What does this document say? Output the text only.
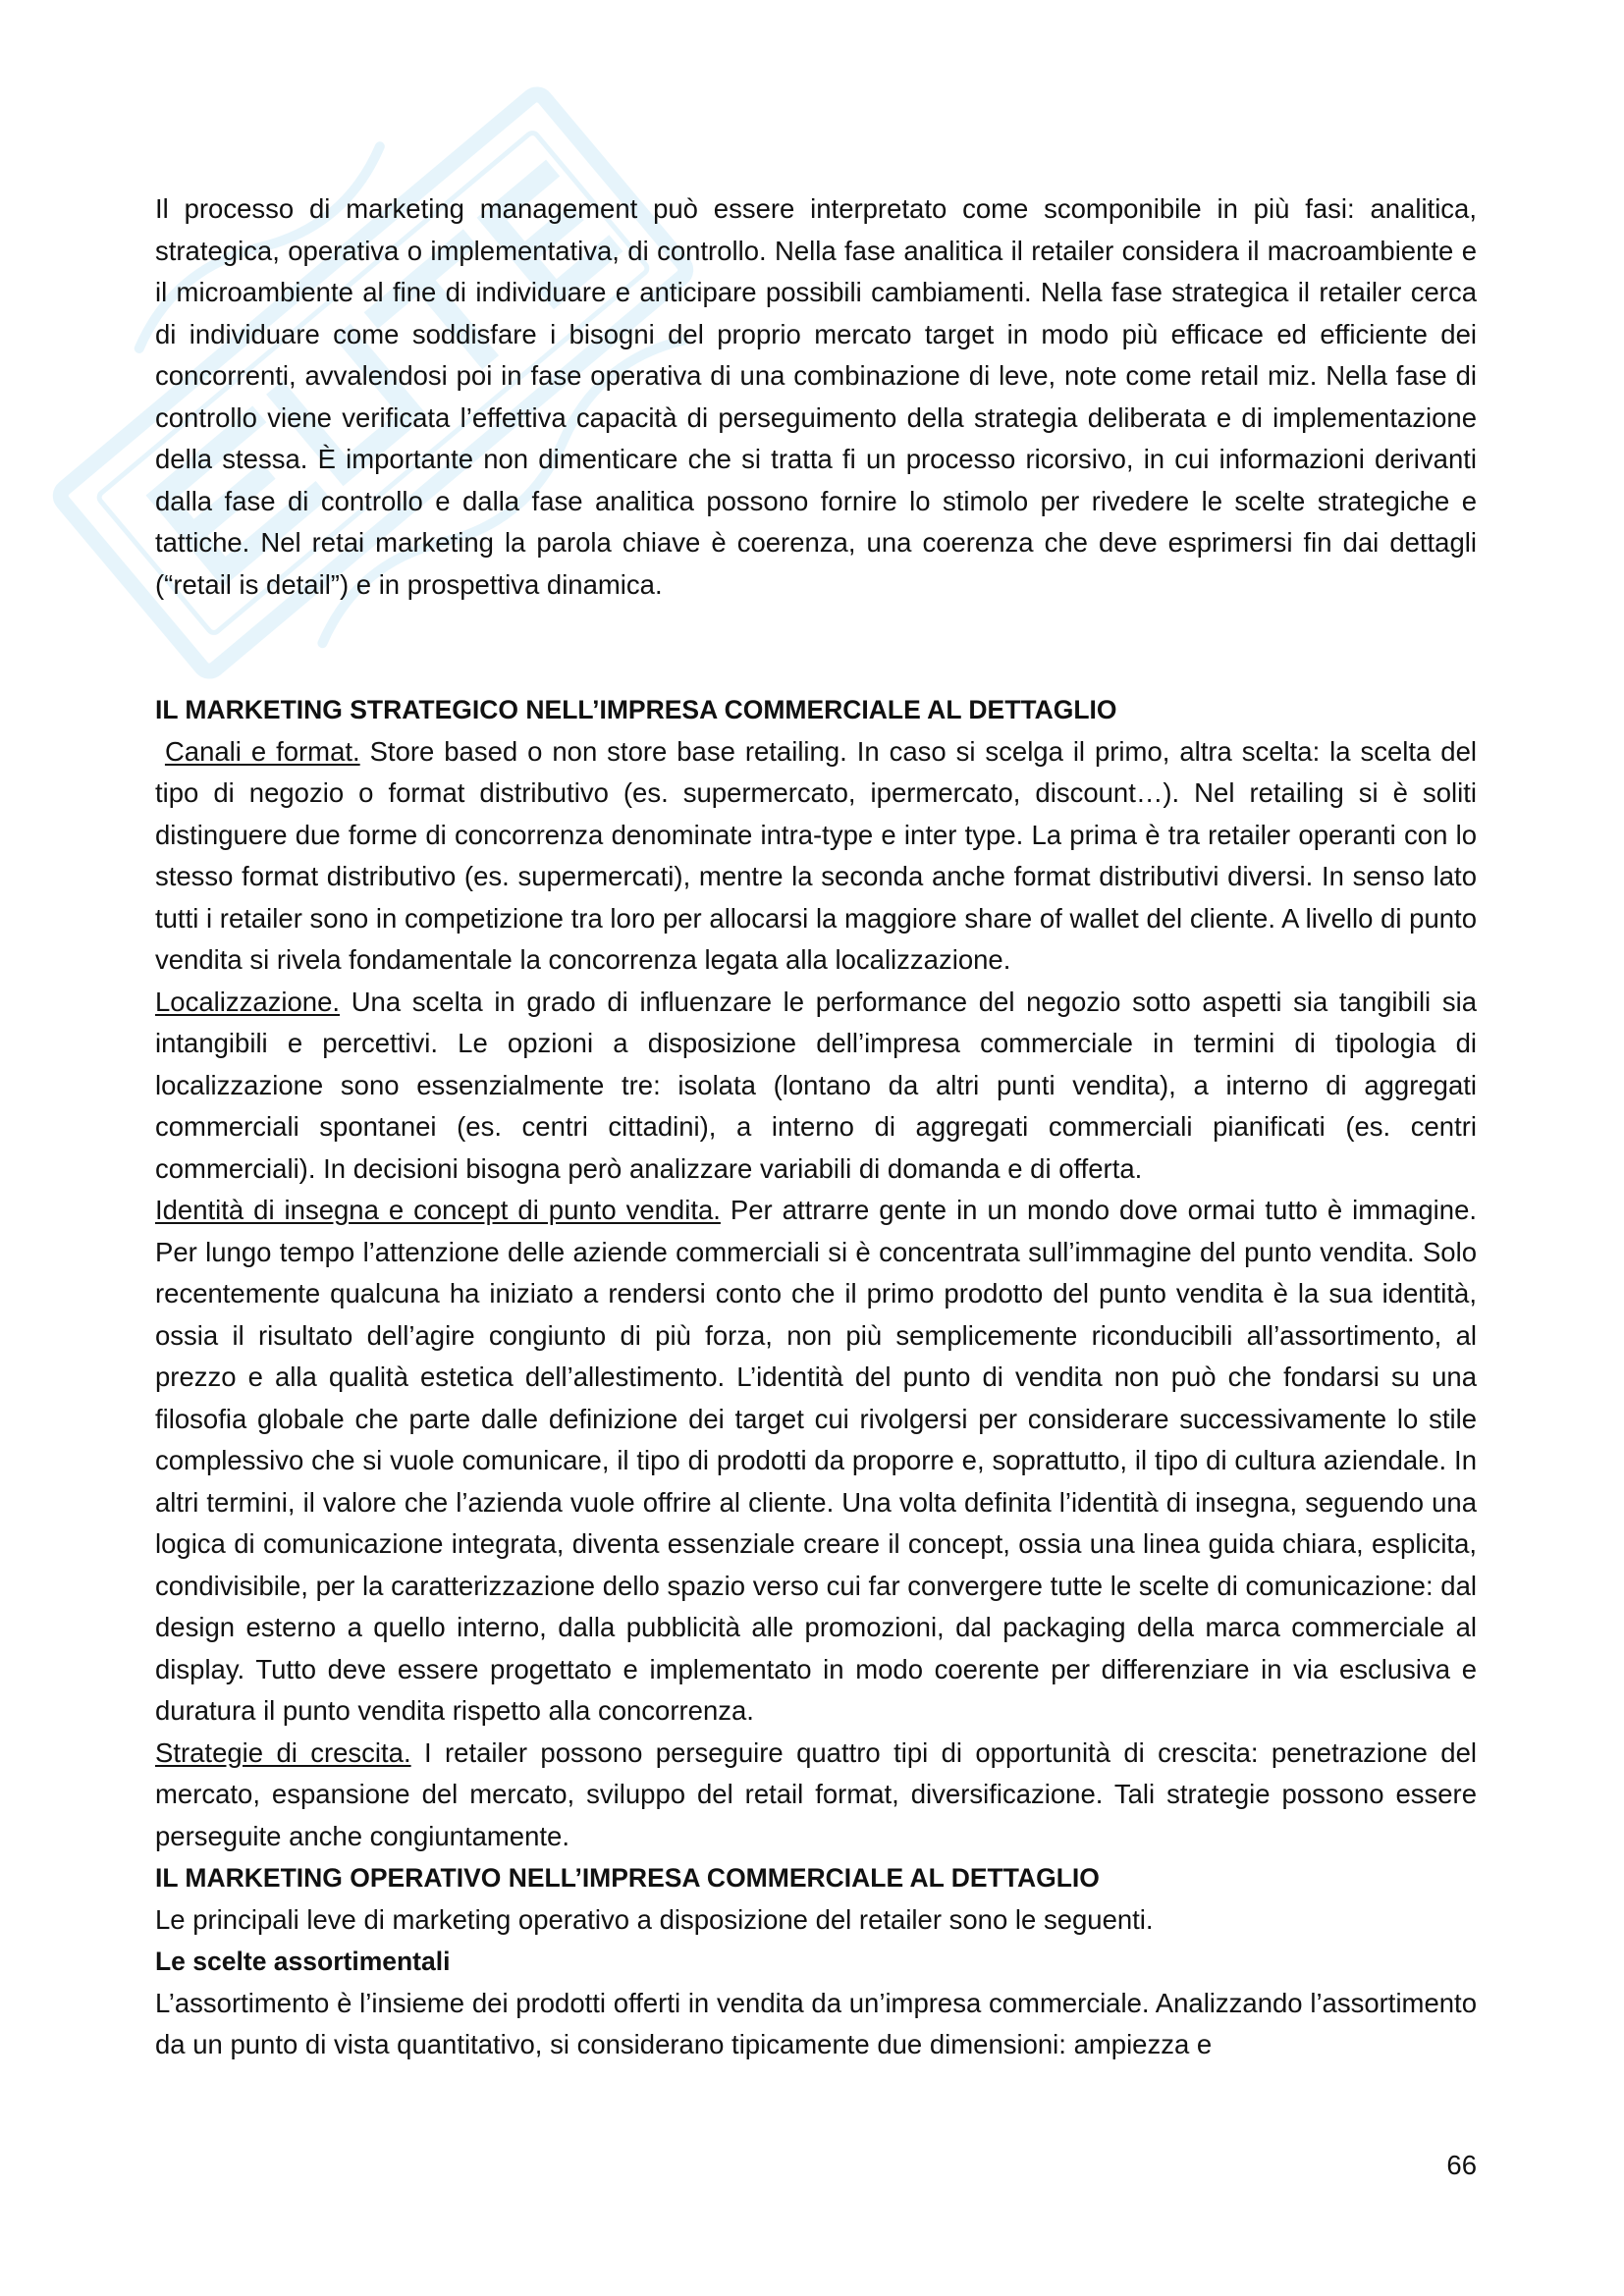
Il processo di marketing management può essere interpretato come scomponibile in più fasi: analitica, strategica, operativa o implementativa, di controllo. Nella fase analitica il retailer considera il macroambiente e il microambiente al fine di individuare e anticipare possibili cambiamenti. Nella fase strategica il retailer cerca di individuare come soddisfare i bisogni del proprio mercato target in modo più efficace ed efficiente dei concorrenti, avvalendosi poi in fase operativa di una combinazione di leve, note come retail miz. Nella fase di controllo viene verificata l’effettiva capacità di perseguimento della strategia deliberata e di implementazione della stessa. È importante non dimenticare che si tratta fi un processo ricorsivo, in cui informazioni derivanti dalla fase di controllo e dalla fase analitica possono fornire lo stimolo per rivedere le scelte strategiche e tattiche. Nel retai marketing la parola chiave è coerenza, una coerenza che deve esprimersi fin dai dettagli (“retail is detail”) e in prospettiva dinamica.

IL MARKETING STRATEGICO NELL’IMPRESA COMMERCIALE AL DETTAGLIO

Canali e format. Store based o non store base retailing. In caso si scelga il primo, altra scelta: la scelta del tipo di negozio o format distributivo (es. supermercato, ipermercato, discount…). Nel retailing si è soliti distinguere due forme di concorrenza denominate intra-type e inter type. La prima è tra retailer operanti con lo stesso format distributivo (es. supermercati), mentre la seconda anche format distributivi diversi. In senso lato tutti i retailer sono in competizione tra loro per allocarsi la maggiore share of wallet del cliente. A livello di punto vendita si rivela fondamentale la concorrenza legata alla localizzazione.

Localizzazione. Una scelta in grado di influenzare le performance del negozio sotto aspetti sia tangibili sia intangibili e percettivi. Le opzioni a disposizione dell’impresa commerciale in termini di tipologia di localizzazione sono essenzialmente tre: isolata (lontano da altri punti vendita), a interno di aggregati commerciali spontanei (es. centri cittadini), a interno di aggregati commerciali pianificati (es. centri commerciali). In decisioni bisogna però analizzare variabili di domanda e di offerta.

Identità di insegna e concept di punto vendita. Per attrarre gente in un mondo dove ormai tutto è immagine. Per lungo tempo l’attenzione delle aziende commerciali si è concentrata sull’immagine del punto vendita. Solo recentemente qualcuna ha iniziato a rendersi conto che il primo prodotto del punto vendita è la sua identità, ossia il risultato dell’agire congiunto di più forza, non più semplicemente riconducibili all’assortimento, al prezzo e alla qualità estetica dell’allestimento. L’identità del punto di vendita non può che fondarsi su una filosofia globale che parte dalle definizione dei target cui rivolgersi per considerare successivamente lo stile complessivo che si vuole comunicare, il tipo di prodotti da proporre e, soprattutto, il tipo di cultura aziendale. In altri termini, il valore che l’azienda vuole offrire al cliente. Una volta definita l’identità di insegna, seguendo una logica di comunicazione integrata, diventa essenziale creare il concept, ossia una linea guida chiara, esplicita, condivisibile, per la caratterizzazione dello spazio verso cui far convergere tutte le scelte di comunicazione: dal design esterno a quello interno, dalla pubblicità alle promozioni, dal packaging della marca commerciale al display. Tutto deve essere progettato e implementato in modo coerente per differenziare in via esclusiva e duratura il punto vendita rispetto alla concorrenza.

Strategie di crescita. I retailer possono perseguire quattro tipi di opportunità di crescita: penetrazione del mercato, espansione del mercato, sviluppo del retail format, diversificazione. Tali strategie possono essere perseguite anche congiuntamente.

IL MARKETING OPERATIVO NELL’IMPRESA COMMERCIALE AL DETTAGLIO

Le principali leve di marketing operativo a disposizione del retailer sono le seguenti.

Le scelte assortimentali

L’assortimento è l’insieme dei prodotti offerti in vendita da un’impresa commerciale. Analizzando l’assortimento da un punto di vista quantitativo, si considerano tipicamente due dimensioni: ampiezza e

66
